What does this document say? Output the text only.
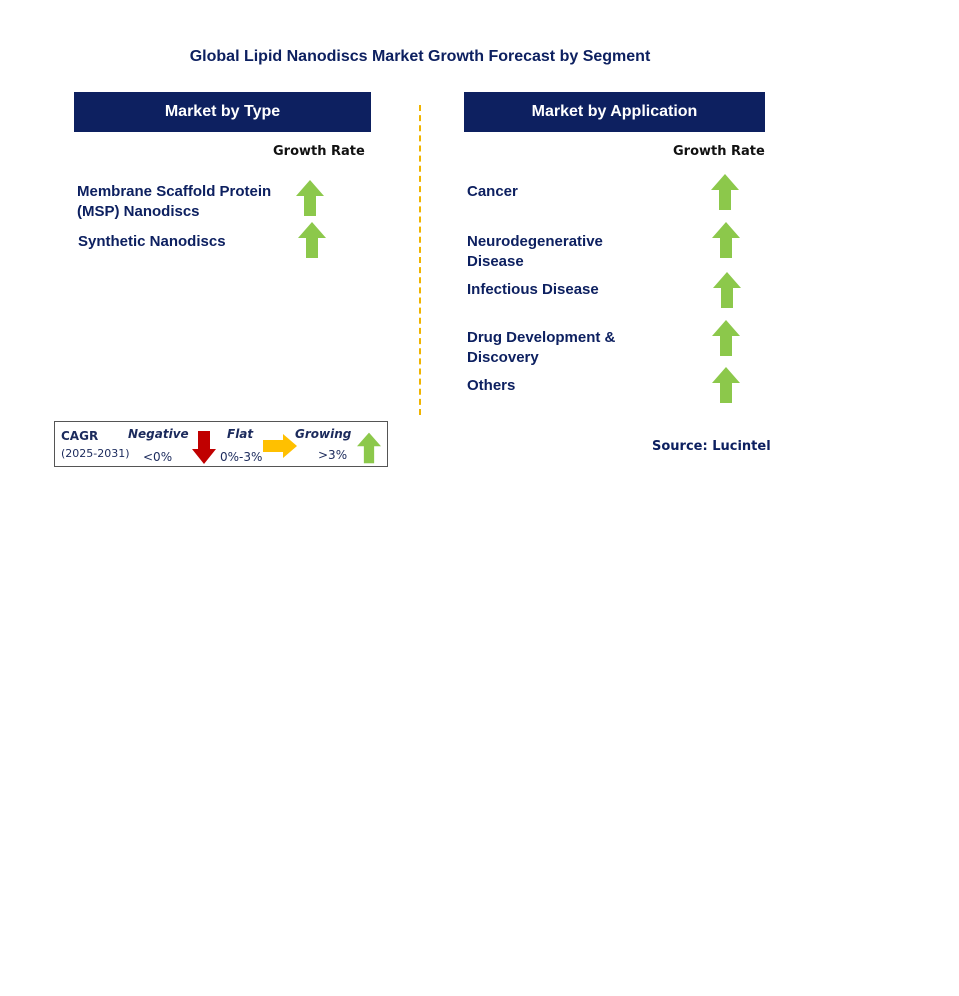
Global Lipid Nanodiscs Market Growth Forecast by Segment
Market by Type
Growth Rate
Membrane Scaffold Protein
(MSP) Nanodiscs
Synthetic Nanodiscs
Market by Application
Growth Rate
Cancer
Neurodegenerative
Disease
Infectious Disease
Drug Development &
Discovery
Others
CAGR
(2025-2031)
Negative
<0%
Flat
0%-3%
Growing
>3%
Source: Lucintel
